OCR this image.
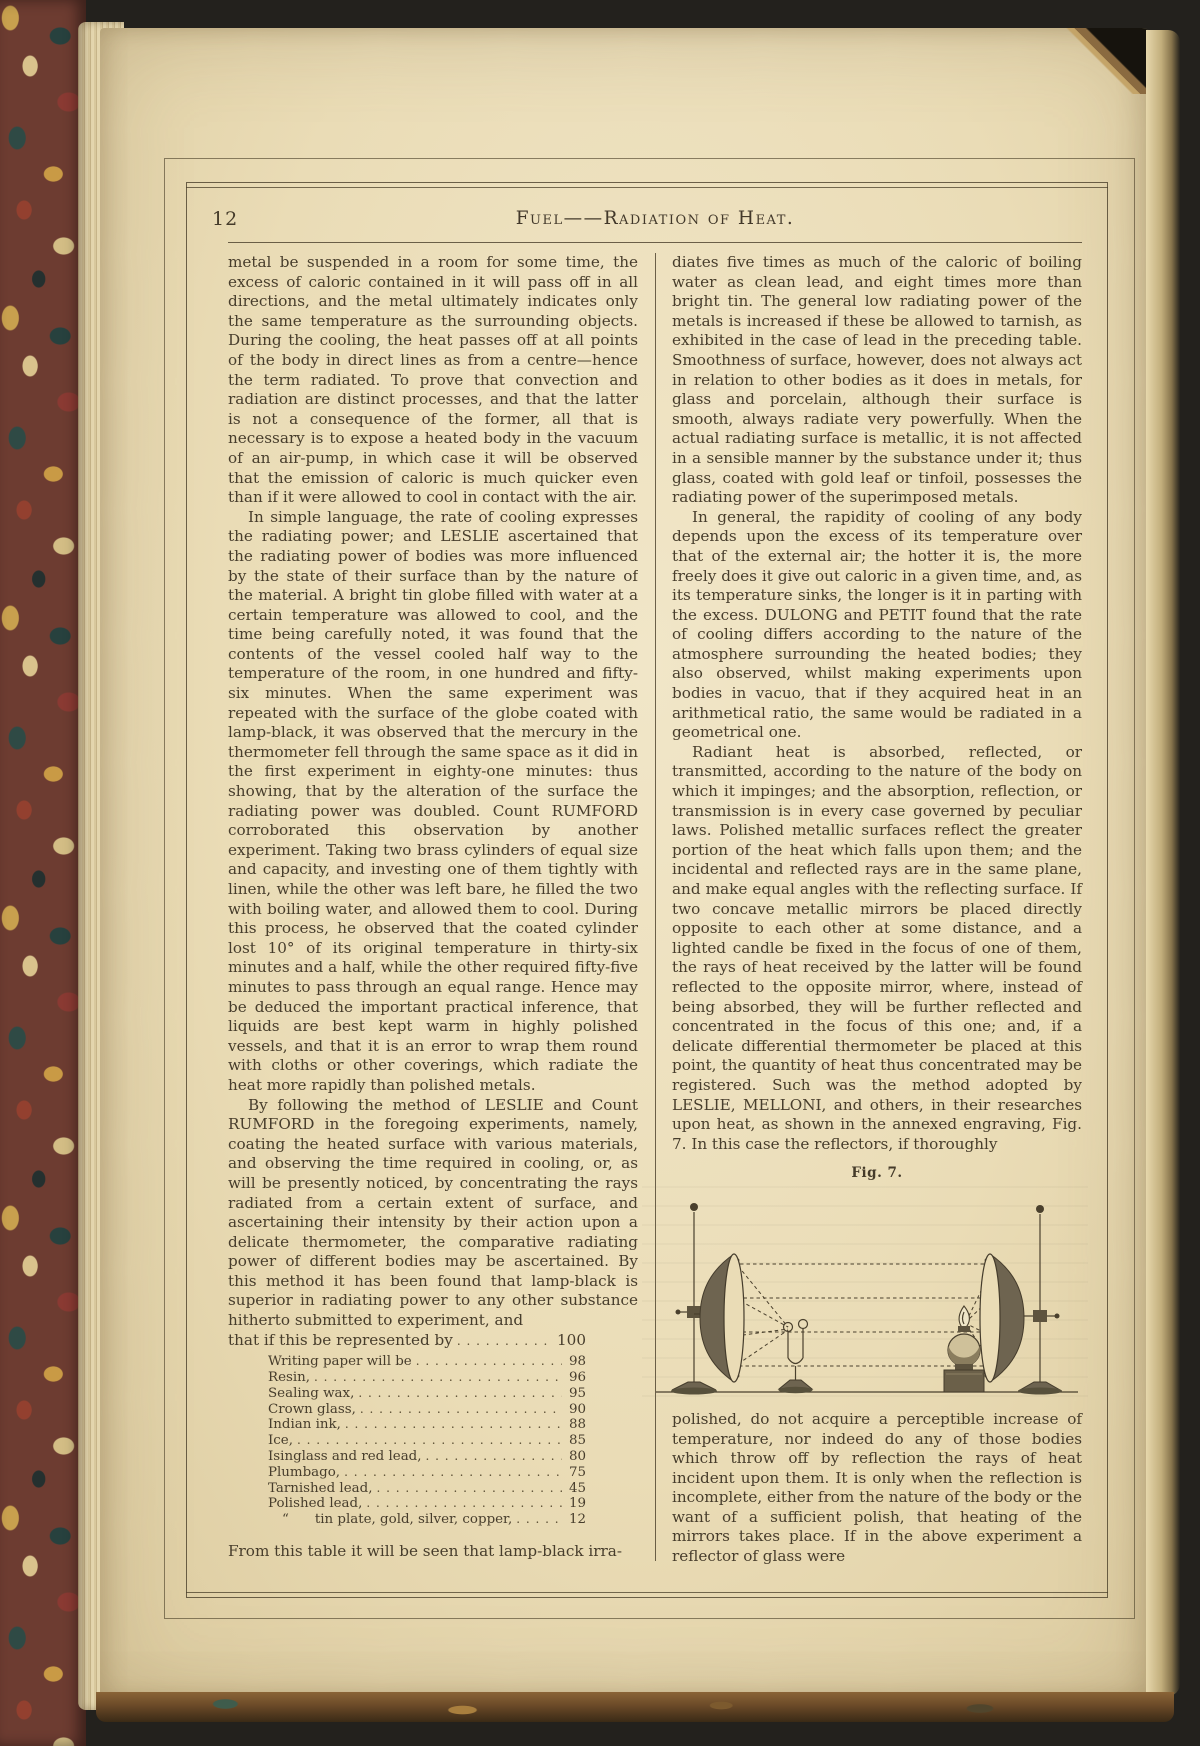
12	Fuel——Radiation of Heat.

metal be suspended in a room for some time, the excess of caloric contained in it will pass off in all directions, and the metal ultimately indicates only the same temperature as the surrounding objects. During the cooling, the heat passes off at all points of the body in direct lines as from a centre—hence the term radiated. To prove that convection and radiation are distinct processes, and that the latter is not a consequence of the former, all that is necessary is to expose a heated body in the vacuum of an air-pump, in which case it will be observed that the emission of caloric is much quicker even than if it were allowed to cool in contact with the air.

In simple language, the rate of cooling expresses the radiating power; and LESLIE ascertained that the radiating power of bodies was more influenced by the state of their surface than by the nature of the material. A bright tin globe filled with water at a certain temperature was allowed to cool, and the time being carefully noted, it was found that the contents of the vessel cooled half way to the temperature of the room, in one hundred and fifty-six minutes. When the same experiment was repeated with the surface of the globe coated with lamp-black, it was observed that the mercury in the thermometer fell through the same space as it did in the first experiment in eighty-one minutes: thus showing, that by the alteration of the surface the radiating power was doubled. Count RUMFORD corroborated this observation by another experiment. Taking two brass cylinders of equal size and capacity, and investing one of them tightly with linen, while the other was left bare, he filled the two with boiling water, and allowed them to cool. During this process, he observed that the coated cylinder lost 10° of its original temperature in thirty-six minutes and a half, while the other required fifty-five minutes to pass through an equal range. Hence may be deduced the important practical inference, that liquids are best kept warm in highly polished vessels, and that it is an error to wrap them round with cloths or other coverings, which radiate the heat more rapidly than polished metals.

By following the method of LESLIE and Count RUMFORD in the foregoing experiments, namely, coating the heated surface with various materials, and observing the time required in cooling, or, as will be presently noticed, by concentrating the rays radiated from a certain extent of surface, and ascertaining their intensity by their action upon a delicate thermometer, the comparative radiating power of different bodies may be ascertained. By this method it has been found that lamp-black is superior in radiating power to any other substance hitherto submitted to experiment, and

that if this be represented by . . .	100
Writing paper will be . . .	98
Resin, . . .	96
Sealing wax, . . .	95
Crown glass, . . .	90
Indian ink, . . .	88
Ice, . . .	85
Isinglass and red lead, . . .	80
Plumbago, . . .	75
Tarnished lead, . . .	45
Polished lead, . . .	19
“	tin plate, gold, silver, copper, . . .	12

From this table it will be seen that lamp-black irra-

diates five times as much of the caloric of boiling water as clean lead, and eight times more than bright tin. The general low radiating power of the metals is increased if these be allowed to tarnish, as exhibited in the case of lead in the preceding table. Smoothness of surface, however, does not always act in relation to other bodies as it does in metals, for glass and porcelain, although their surface is smooth, always radiate very powerfully. When the actual radiating surface is metallic, it is not affected in a sensible manner by the substance under it; thus glass, coated with gold leaf or tinfoil, possesses the radiating power of the superimposed metals.

In general, the rapidity of cooling of any body depends upon the excess of its temperature over that of the external air; the hotter it is, the more freely does it give out caloric in a given time, and, as its temperature sinks, the longer is it in parting with the excess. DULONG and PETIT found that the rate of cooling differs according to the nature of the atmosphere surrounding the heated bodies; they also observed, whilst making experiments upon bodies in vacuo, that if they acquired heat in an arithmetical ratio, the same would be radiated in a geometrical one.

Radiant heat is absorbed, reflected, or transmitted, according to the nature of the body on which it impinges; and the absorption, reflection, or transmission is in every case governed by peculiar laws. Polished metallic surfaces reflect the greater portion of the heat which falls upon them; and the incidental and reflected rays are in the same plane, and make equal angles with the reflecting surface. If two concave metallic mirrors be placed directly opposite to each other at some distance, and a lighted candle be fixed in the focus of one of them, the rays of heat received by the latter will be found reflected to the opposite mirror, where, instead of being absorbed, they will be further reflected and concentrated in the focus of this one; and, if a delicate differential thermometer be placed at this point, the quantity of heat thus concentrated may be registered. Such was the method adopted by LESLIE, MELLONI, and others, in their researches upon heat, as shown in the annexed engraving, Fig. 7. In this case the reflectors, if thoroughly

Fig. 7.

polished, do not acquire a perceptible increase of temperature, nor indeed do any of those bodies which throw off by reflection the rays of heat incident upon them. It is only when the reflection is incomplete, either from the nature of the body or the want of a sufficient polish, that heating of the mirrors takes place. If in the above experiment a reflector of glass were
